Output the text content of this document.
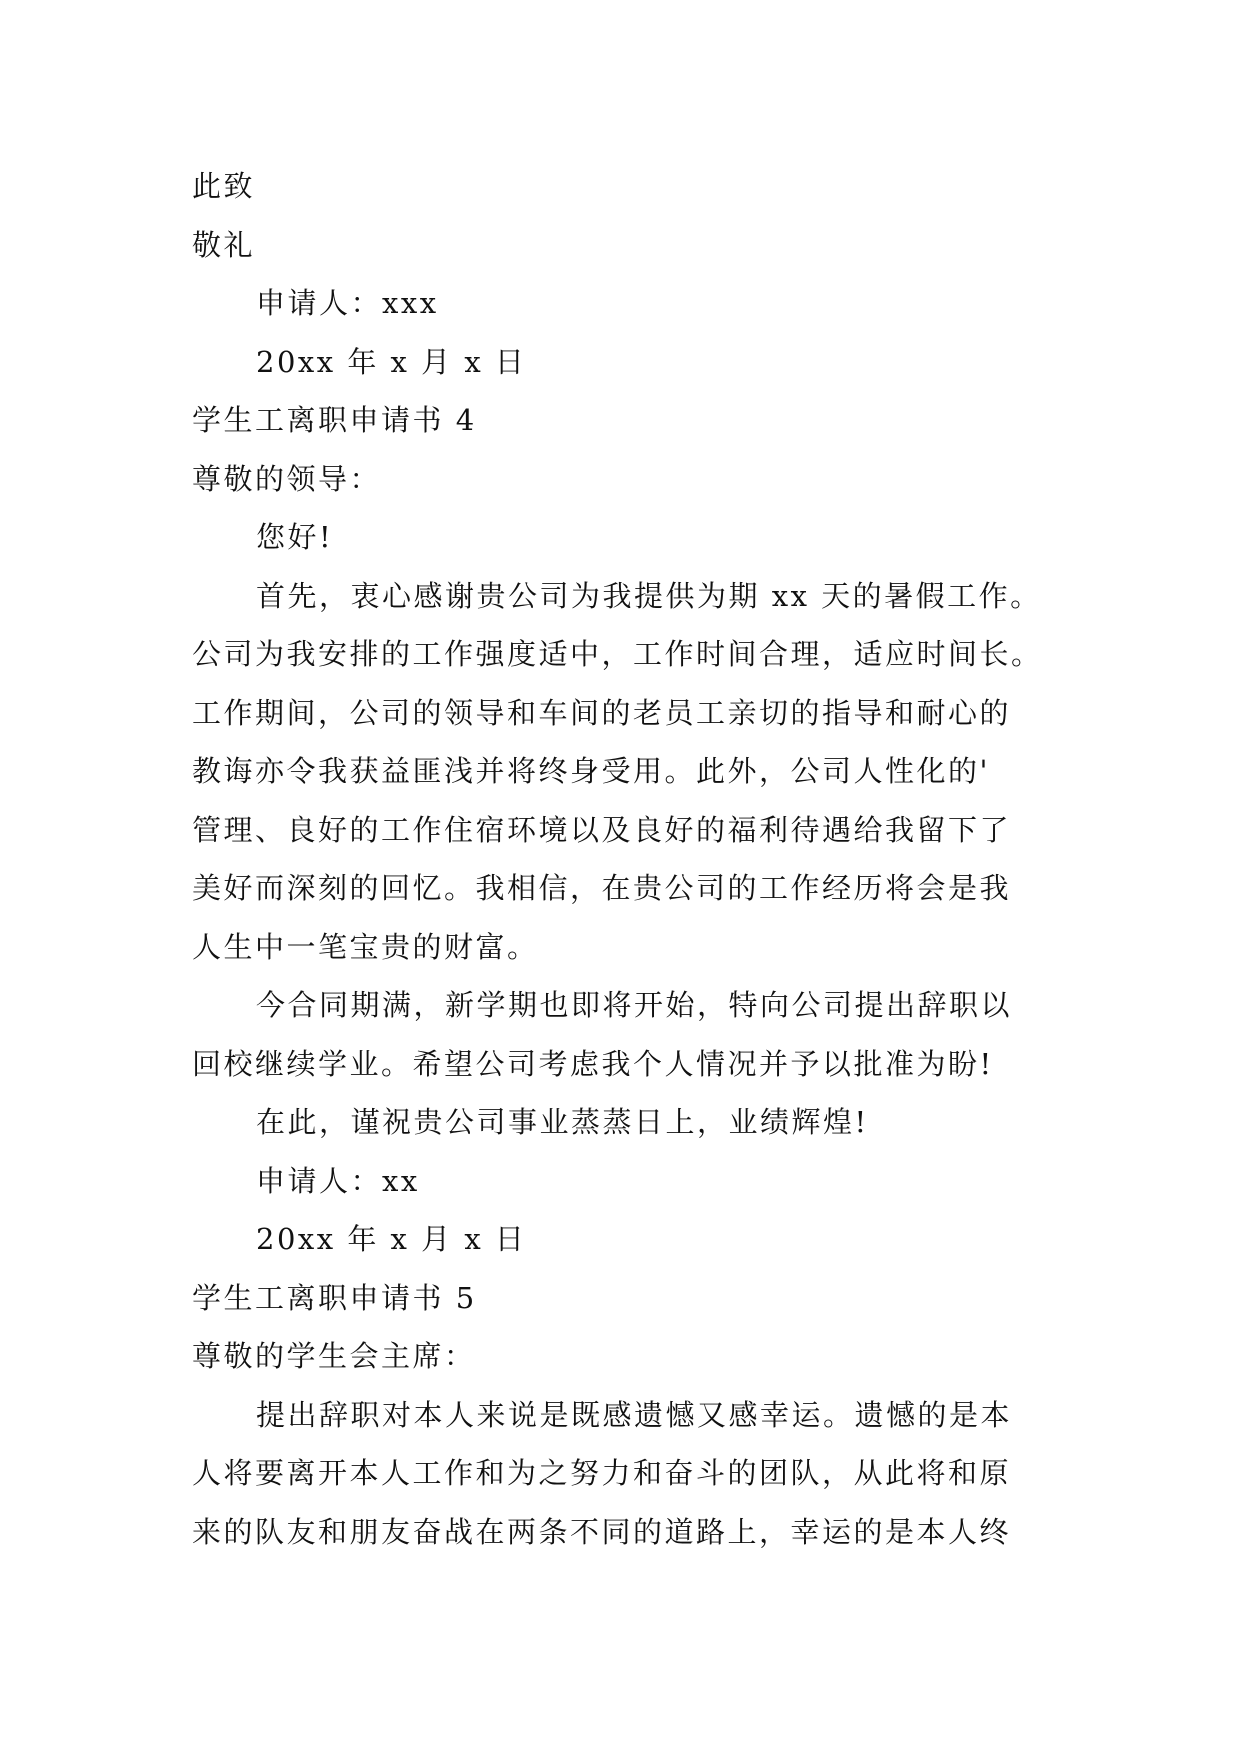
此致
敬礼
申请人：xxx
20xx 年 x 月 x 日
学生工离职申请书 4
尊敬的领导：
您好!
首先，衷心感谢贵公司为我提供为期 xx 天的暑假工作。
公司为我安排的工作强度适中，工作时间合理，适应时间长。
工作期间，公司的领导和车间的老员工亲切的指导和耐心的
教诲亦令我获益匪浅并将终身受用。此外，公司人性化的'
管理、良好的工作住宿环境以及良好的福利待遇给我留下了
美好而深刻的回忆。我相信，在贵公司的工作经历将会是我
人生中一笔宝贵的财富。
今合同期满，新学期也即将开始，特向公司提出辞职以
回校继续学业。希望公司考虑我个人情况并予以批准为盼!
在此，谨祝贵公司事业蒸蒸日上，业绩辉煌!
申请人：xx
20xx 年 x 月 x 日
学生工离职申请书 5
尊敬的学生会主席：
提出辞职对本人来说是既感遗憾又感幸运。遗憾的是本
人将要离开本人工作和为之努力和奋斗的团队，从此将和原
来的队友和朋友奋战在两条不同的道路上，幸运的是本人终
